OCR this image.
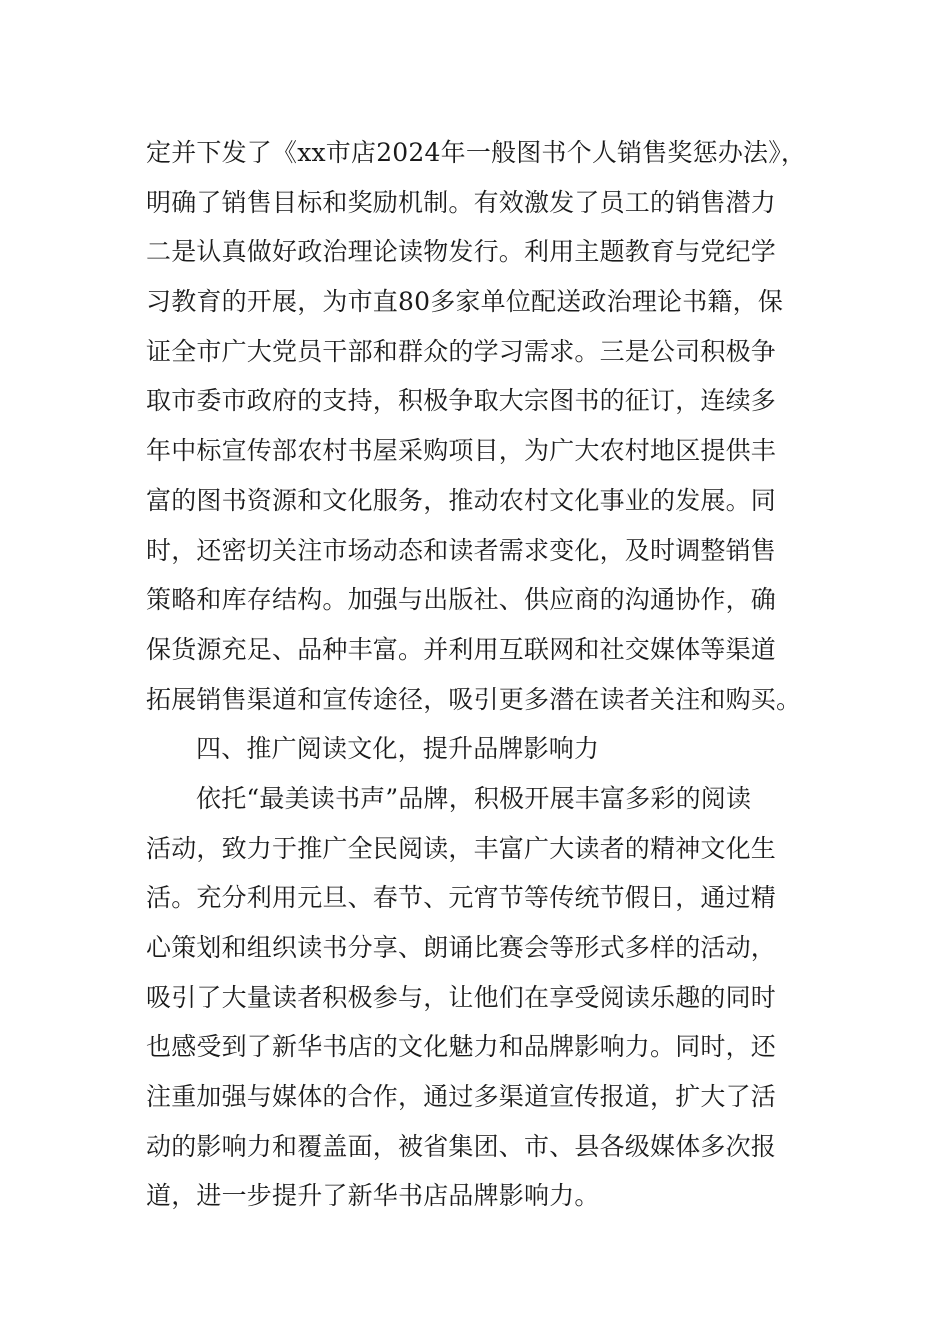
定并下发了《xx市店2024年一般图书个人销售奖惩办法》，
明确了销售目标和奖励机制。有效激发了员工的销售潜力
二是认真做好政治理论读物发行。利用主题教育与党纪学
习教育的开展，为市直80多家单位配送政治理论书籍，保
证全市广大党员干部和群众的学习需求。三是公司积极争
取市委市政府的支持，积极争取大宗图书的征订，连续多
年中标宣传部农村书屋采购项目，为广大农村地区提供丰
富的图书资源和文化服务，推动农村文化事业的发展。同
时，还密切关注市场动态和读者需求变化，及时调整销售
策略和库存结构。加强与出版社、供应商的沟通协作，确
保货源充足、品种丰富。并利用互联网和社交媒体等渠道
拓展销售渠道和宣传途径，吸引更多潜在读者关注和购买。
四、推广阅读文化，提升品牌影响力
依托“最美读书声”品牌，积极开展丰富多彩的阅读
活动，致力于推广全民阅读，丰富广大读者的精神文化生
活。充分利用元旦、春节、元宵节等传统节假日，通过精
心策划和组织读书分享、朗诵比赛会等形式多样的活动，
吸引了大量读者积极参与，让他们在享受阅读乐趣的同时
也感受到了新华书店的文化魅力和品牌影响力。同时，还
注重加强与媒体的合作，通过多渠道宣传报道，扩大了活
动的影响力和覆盖面，被省集团、市、县各级媒体多次报
道，进一步提升了新华书店品牌影响力。
